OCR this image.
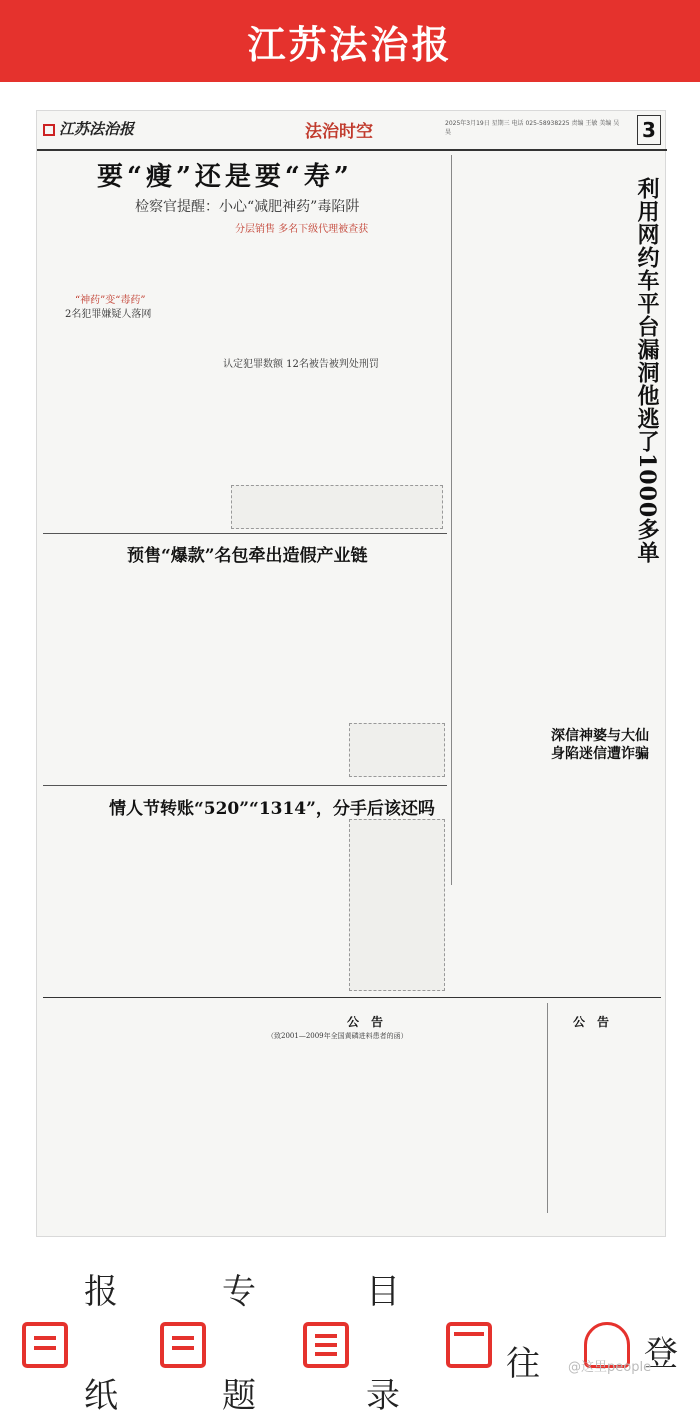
江苏法治报
江苏法治报	法治时空	2025年3月19日 星期三 电话 025-58938225 责编 王敏 美编 吴昊	3
要“瘦”还是要“寿”
检察官提醒：小心“减肥神药”毒陷阱
分层销售 多名下级代理被查获
认定犯罪数额 12名被告被判处刑罚
“神药”变“毒药”
2名犯罪嫌疑人落网	利用网约车平台漏洞他逃了1000多单
深信神婆与大仙
身陷迷信遭诈骗
预售“爆款”名包牵出造假产业链
情人节转账“520”“1314”，分手后该还吗
公　告
（致2001—2009年全国黄磷进料患者的函）
公　告
报
纸
专
题
目
录
往	登
@这里people
